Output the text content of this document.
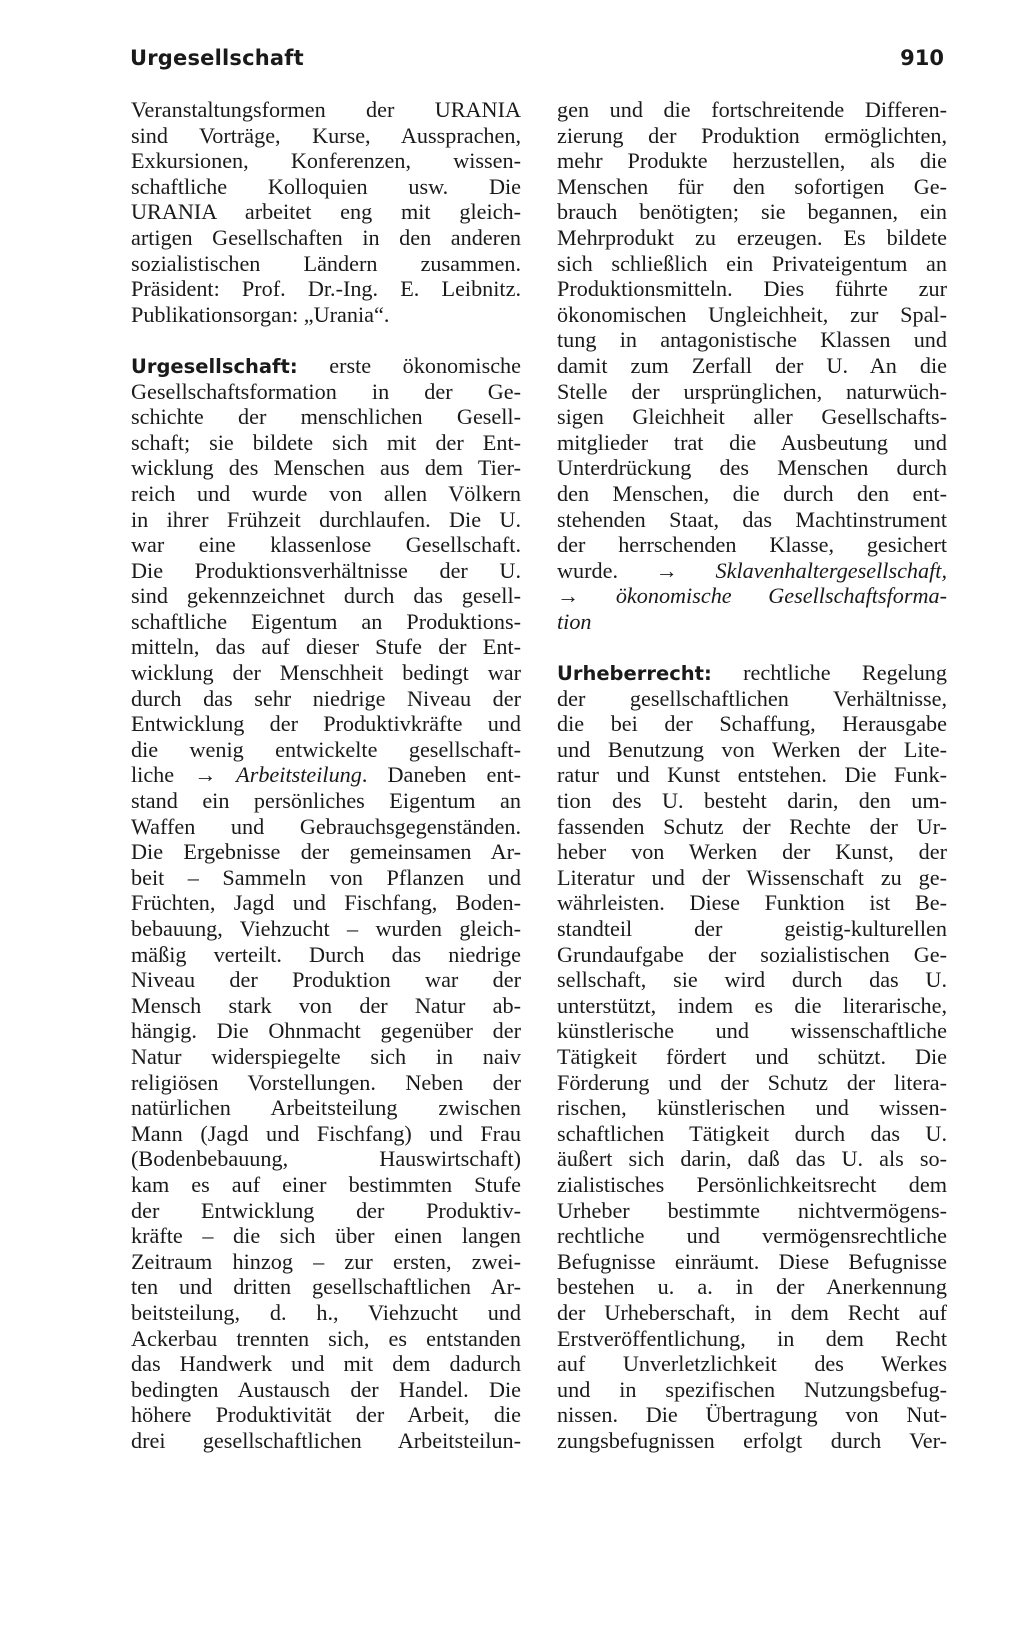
Urgesellschaft	910
Veranstaltungsformen der URANIA
sind Vorträge, Kurse, Aussprachen,
Exkursionen, Konferenzen, wissen-
schaftliche Kolloquien usw. Die
URANIA arbeitet eng mit gleich-
artigen Gesellschaften in den anderen
sozialistischen Ländern zusammen.
Präsident: Prof. Dr.-Ing. E. Leibnitz.
Publikationsorgan: „Urania“.
Urgesellschaft: erste ökonomische
Gesellschaftsformation in der Ge-
schichte der menschlichen Gesell-
schaft; sie bildete sich mit der Ent-
wicklung des Menschen aus dem Tier-
reich und wurde von allen Völkern
in ihrer Frühzeit durchlaufen. Die U.
war eine klassenlose Gesellschaft.
Die Produktionsverhältnisse der U.
sind gekennzeichnet durch das gesell-
schaftliche Eigentum an Produktions-
mitteln, das auf dieser Stufe der Ent-
wicklung der Menschheit bedingt war
durch das sehr niedrige Niveau der
Entwicklung der Produktivkräfte und
die wenig entwickelte gesellschaft-
liche → Arbeitsteilung. Daneben ent-
stand ein persönliches Eigentum an
Waffen und Gebrauchsgegenständen.
Die Ergebnisse der gemeinsamen Ar-
beit – Sammeln von Pflanzen und
Früchten, Jagd und Fischfang, Boden-
bebauung, Viehzucht – wurden gleich-
mäßig verteilt. Durch das niedrige
Niveau der Produktion war der
Mensch stark von der Natur ab-
hängig. Die Ohnmacht gegenüber der
Natur widerspiegelte sich in naiv
religiösen Vorstellungen. Neben der
natürlichen Arbeitsteilung zwischen
Mann (Jagd und Fischfang) und Frau
(Bodenbebauung, Hauswirtschaft)
kam es auf einer bestimmten Stufe
der Entwicklung der Produktiv-
kräfte – die sich über einen langen
Zeitraum hinzog – zur ersten, zwei-
ten und dritten gesellschaftlichen Ar-
beitsteilung, d. h., Viehzucht und
Ackerbau trennten sich, es entstanden
das Handwerk und mit dem dadurch
bedingten Austausch der Handel. Die
höhere Produktivität der Arbeit, die
drei gesellschaftlichen Arbeitsteilun-
gen und die fortschreitende Differen-
zierung der Produktion ermöglichten,
mehr Produkte herzustellen, als die
Menschen für den sofortigen Ge-
brauch benötigten; sie begannen, ein
Mehrprodukt zu erzeugen. Es bildete
sich schließlich ein Privateigentum an
Produktionsmitteln. Dies führte zur
ökonomischen Ungleichheit, zur Spal-
tung in antagonistische Klassen und
damit zum Zerfall der U. An die
Stelle der ursprünglichen, naturwüch-
sigen Gleichheit aller Gesellschafts-
mitglieder trat die Ausbeutung und
Unterdrückung des Menschen durch
den Menschen, die durch den ent-
stehenden Staat, das Machtinstrument
der herrschenden Klasse, gesichert
wurde. → Sklavenhaltergesellschaft,
→ ökonomische Gesellschaftsforma-
tion
Urheberrecht: rechtliche Regelung
der gesellschaftlichen Verhältnisse,
die bei der Schaffung, Herausgabe
und Benutzung von Werken der Lite-
ratur und Kunst entstehen. Die Funk-
tion des U. besteht darin, den um-
fassenden Schutz der Rechte der Ur-
heber von Werken der Kunst, der
Literatur und der Wissenschaft zu ge-
währleisten. Diese Funktion ist Be-
standteil der geistig-kulturellen
Grundaufgabe der sozialistischen Ge-
sellschaft, sie wird durch das U.
unterstützt, indem es die literarische,
künstlerische und wissenschaftliche
Tätigkeit fördert und schützt. Die
Förderung und der Schutz der litera-
rischen, künstlerischen und wissen-
schaftlichen Tätigkeit durch das U.
äußert sich darin, daß das U. als so-
zialistisches Persönlichkeitsrecht dem
Urheber bestimmte nichtvermögens-
rechtliche und vermögensrechtliche
Befugnisse einräumt. Diese Befugnisse
bestehen u. a. in der Anerkennung
der Urheberschaft, in dem Recht auf
Erstveröffentlichung, in dem Recht
auf Unverletzlichkeit des Werkes
und in spezifischen Nutzungsbefug-
nissen. Die Übertragung von Nut-
zungsbefugnissen erfolgt durch Ver-
